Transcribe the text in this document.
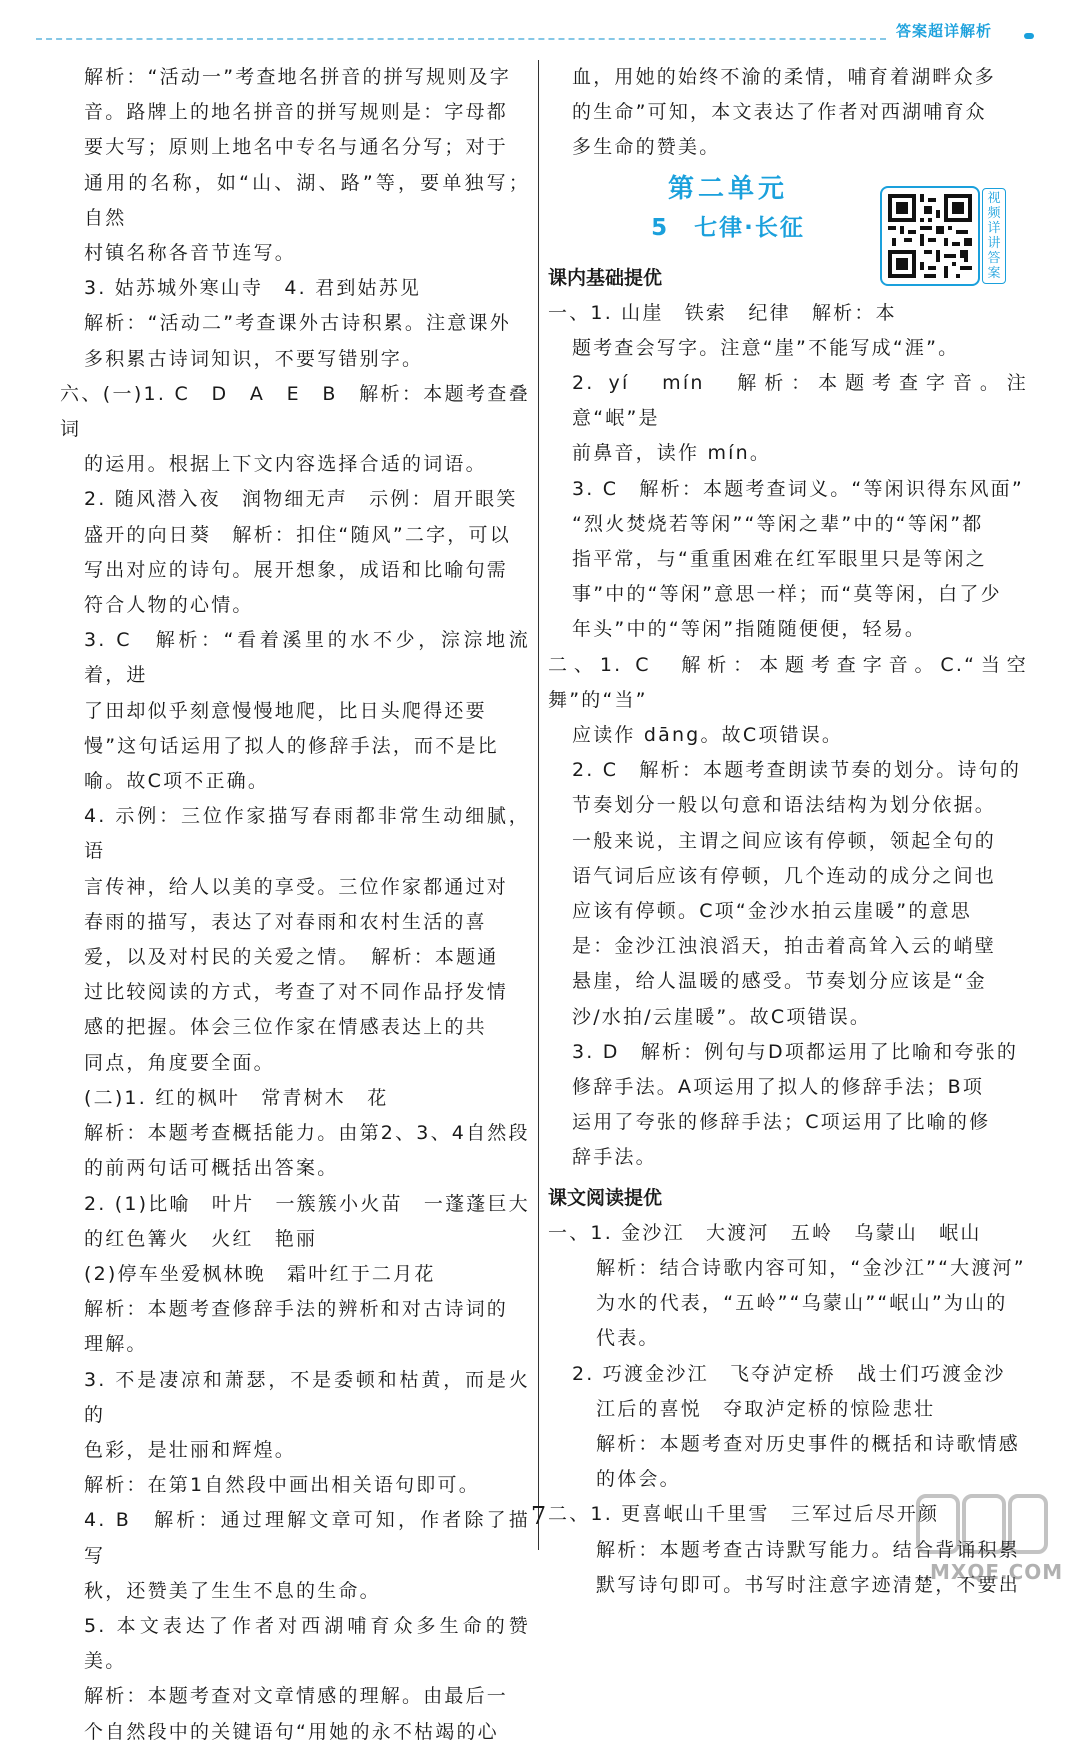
答案超详解析

解析：“活动一”考查地名拼音的拼写规则及字

音。路牌上的地名拼音的拼写规则是：字母都

要大写；原则上地名中专名与通名分写；对于

通用的名称，如“山、湖、路”等，要单独写；自然

村镇名称各音节连写。

3. 姑苏城外寒山寺　4. 君到姑苏见

解析：“活动二”考查课外古诗积累。注意课外

多积累古诗词知识，不要写错别字。

六、(一)1. C　D　A　E　B　解析：本题考查叠词

的运用。根据上下文内容选择合适的词语。

2. 随风潜入夜　润物细无声　示例：眉开眼笑

盛开的向日葵　解析：扣住“随风”二字，可以

写出对应的诗句。展开想象，成语和比喻句需

符合人物的心情。

3. C　解析：“看着溪里的水不少，淙淙地流着，进

了田却似乎刻意慢慢地爬，比日头爬得还要

慢”这句话运用了拟人的修辞手法，而不是比

喻。故C项不正确。

4. 示例：三位作家描写春雨都非常生动细腻，语

言传神，给人以美的享受。三位作家都通过对

春雨的描写，表达了对春雨和农村生活的喜

爱，以及对村民的关爱之情。　解析：本题通

过比较阅读的方式，考查了对不同作品抒发情

感的把握。体会三位作家在情感表达上的共

同点，角度要全面。

(二)1. 红的枫叶　常青树木　花

解析：本题考查概括能力。由第2、3、4自然段

的前两句话可概括出答案。

2. (1)比喻　叶片　一簇簇小火苗　一蓬蓬巨大

的红色篝火　火红　艳丽

(2)停车坐爱枫林晚　霜叶红于二月花

解析：本题考查修辞手法的辨析和对古诗词的

理解。

3. 不是凄凉和萧瑟，不是委顿和枯黄，而是火的

色彩，是壮丽和辉煌。

解析：在第1自然段中画出相关语句即可。

4. B　解析：通过理解文章可知，作者除了描写

秋，还赞美了生生不息的生命。

5. 本文表达了作者对西湖哺育众多生命的赞美。

解析：本题考查对文章情感的理解。由最后一

个自然段中的关键语句“用她的永不枯竭的心

血，用她的始终不渝的柔情，哺育着湖畔众多

的生命”可知，本文表达了作者对西湖哺育众

多生命的赞美。

第二单元
5　七律·长征
课内基础提优

一、1. 山崖　铁索　纪律　解析：本

题考查会写字。注意“崖”不能写成“涯”。

2. yí　mín　解析：本题考查字音。注意“岷”是

前鼻音，读作 mín。

3. C　解析：本题考查词义。“等闲识得东风面”

“烈火焚烧若等闲”“等闲之辈”中的“等闲”都

指平常，与“重重困难在红军眼里只是等闲之

事”中的“等闲”意思一样；而“莫等闲，白了少

年头”中的“等闲”指随随便便，轻易。

二、1. C　解析：本题考查字音。C.“当空舞”的“当”

应读作 dāng。故C项错误。

2. C　解析：本题考查朗读节奏的划分。诗句的

节奏划分一般以句意和语法结构为划分依据。

一般来说，主谓之间应该有停顿，领起全句的

语气词后应该有停顿，几个连动的成分之间也

应该有停顿。C项“金沙水拍云崖暖”的意思

是：金沙江浊浪滔天，拍击着高耸入云的峭壁

悬崖，给人温暖的感受。节奏划分应该是“金

沙/水拍/云崖暖”。故C项错误。

3. D　解析：例句与D项都运用了比喻和夸张的

修辞手法。A项运用了拟人的修辞手法；B项

运用了夸张的修辞手法；C项运用了比喻的修

辞手法。

课文阅读提优

一、1. 金沙江　大渡河　五岭　乌蒙山　岷山

解析：结合诗歌内容可知，“金沙江”“大渡河”

为水的代表，“五岭”“乌蒙山”“岷山”为山的

代表。

2. 巧渡金沙江　飞夺泸定桥　战士们巧渡金沙

江后的喜悦　夺取泸定桥的惊险悲壮

解析：本题考查对历史事件的概括和诗歌情感

的体会。

二、1. 更喜岷山千里雪　三军过后尽开颜

解析：本题考查古诗默写能力。结合背诵积累

默写诗句即可。书写时注意字迹清楚，不要出

视频详讲答案
7
MXQE.COM
